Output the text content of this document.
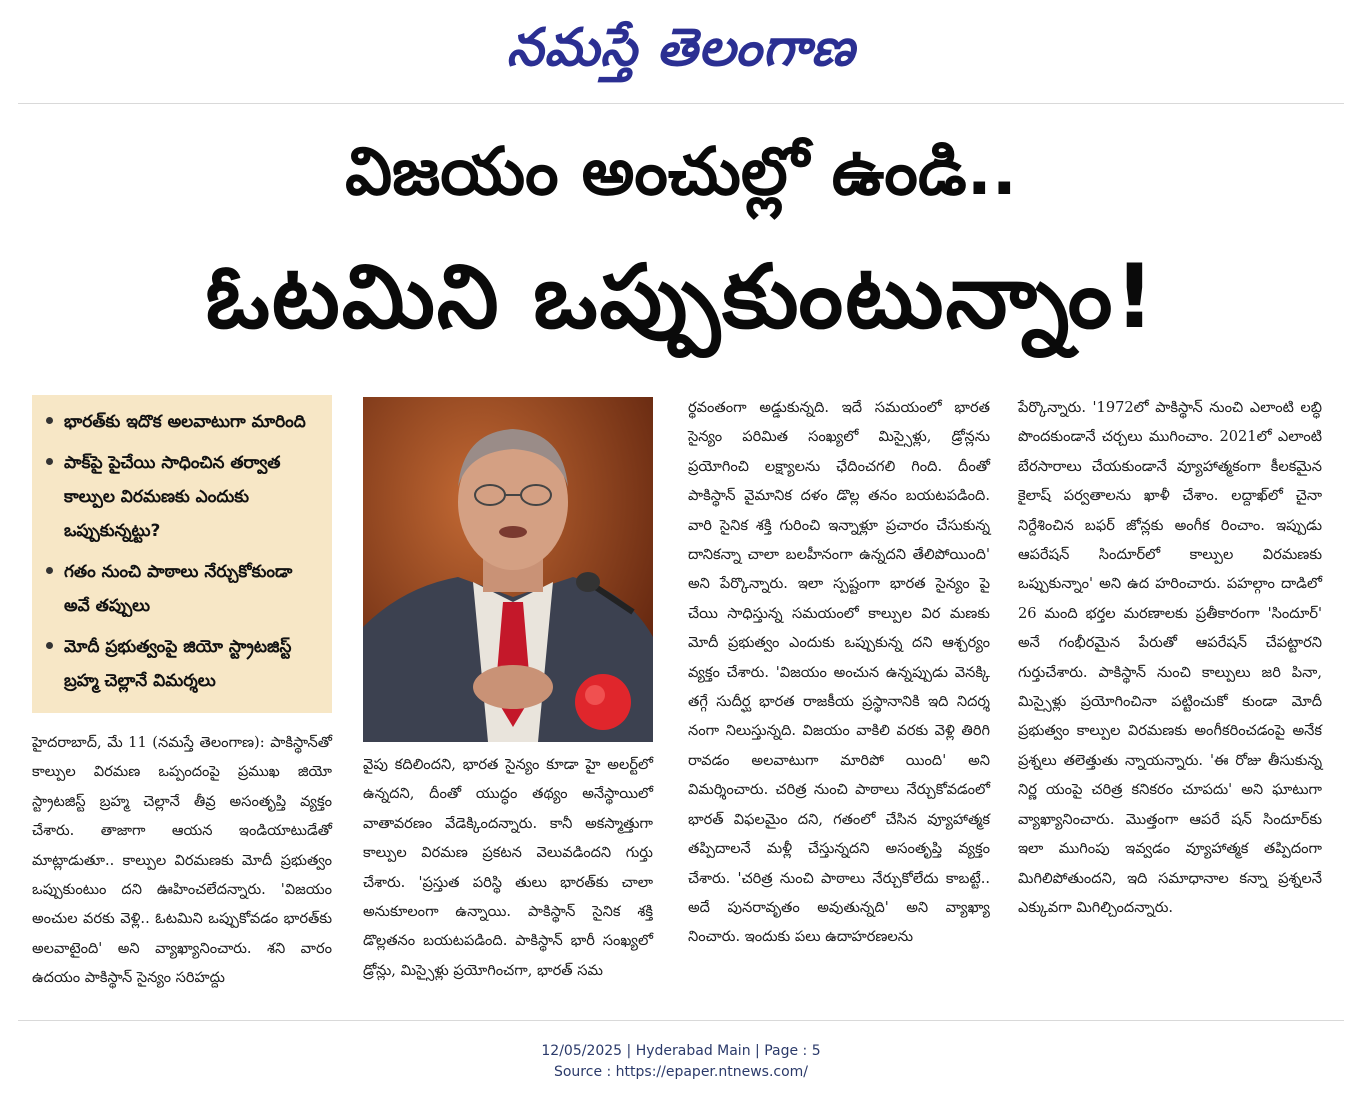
నమస్తే తెలంగాణ
విజయం అంచుల్లో ఉండి..
ఓటమిని ఒప్పుకుంటున్నాం!
భారత్‌కు ఇదొక అలవాటుగా మారింది
పాక్‌పై పైచేయి సాధించిన తర్వాత కాల్పుల విరమణకు ఎందుకు ఒప్పుకున్నట్టు?
గతం నుంచి పాఠాలు నేర్చుకోకుండా అవే తప్పులు
మోదీ ప్రభుత్వంపై జియో స్ట్రాటజిస్ట్ బ్రహ్మ చెల్లానే విమర్శలు

హైదరాబాద్, మే 11 (నమస్తే తెలంగాణ): పాకిస్థాన్‌తో కాల్పుల విరమణ ఒప్పందంపై ప్రముఖ జియో స్ట్రాటజిస్ట్ బ్రహ్మ చెల్లానే తీవ్ర అసంతృప్తి వ్యక్తం చేశారు. తాజాగా ఆయన ఇండియాటుడేతో మాట్లాడుతూ.. కాల్పుల విరమణకు మోదీ ప్రభుత్వం ఒప్పుకుంటుం దని ఊహించలేదన్నారు. 'విజయం అంచుల వరకు వెళ్లి.. ఓటమిని ఒప్పుకోవడం భారత్‌కు అలవాటైంది' అని వ్యాఖ్యానించారు. శని వారం ఉదయం పాకిస్థాన్ సైన్యం సరిహద్దు

వైపు కదిలిందని, భారత సైన్యం కూడా హై అలర్ట్‌లో ఉన్నదని, దీంతో యుద్ధం తథ్యం అనేస్థాయిలో వాతావరణం వేడెక్కిందన్నారు. కానీ అకస్మాత్తుగా కాల్పుల విరమణ ప్రకటన వెలువడిందని గుర్తు చేశారు. 'ప్రస్తుత పరిస్థి తులు భారత్‌కు చాలా అనుకూలంగా ఉన్నాయి. పాకిస్థాన్ సైనిక శక్తి డొల్లతనం బయటపడింది. పాకిస్థాన్ భారీ సంఖ్యలో డ్రోన్లు, మిస్సైళ్లు ప్రయోగించగా, భారత్ సమ

ర్థవంతంగా అడ్డుకున్నది. ఇదే సమయంలో భారత సైన్యం పరిమిత సంఖ్యలో మిస్సైళ్లు, డ్రోన్లను ప్రయోగించి లక్ష్యాలను ఛేదించగలి గింది. దీంతో పాకిస్థాన్ వైమానిక దళం డొల్ల తనం బయటపడింది. వారి సైనిక శక్తి గురించి ఇన్నాళ్లూ ప్రచారం చేసుకున్న దానికన్నా చాలా బలహీనంగా ఉన్నదని తేలిపోయింది' అని పేర్కొన్నారు. ఇలా స్పష్టంగా భారత సైన్యం పై చేయి సాధిస్తున్న సమయంలో కాల్పుల విర మణకు మోదీ ప్రభుత్వం ఎందుకు ఒప్పుకున్న దని ఆశ్చర్యం వ్యక్తం చేశారు. 'విజయం అంచున ఉన్నప్పుడు వెనక్కి తగ్గే సుదీర్ఘ భారత రాజకీయ ప్రస్థానానికి ఇది నిదర్శ నంగా నిలుస్తున్నది. విజయం వాకిలి వరకు వెళ్లి తిరిగి రావడం అలవాటుగా మారిపో యింది' అని విమర్శించారు. చరిత్ర నుంచి పాఠాలు నేర్చుకోవడంలో భారత్ విఫలమైం దని, గతంలో చేసిన వ్యూహాత్మక తప్పిదాలనే మళ్లీ చేస్తున్నదని అసంతృప్తి వ్యక్తం చేశారు. 'చరిత్ర నుంచి పాఠాలు నేర్చుకోలేదు కాబట్టే.. అదే పునరావృతం అవుతున్నది' అని వ్యాఖ్యా నించారు. ఇందుకు పలు ఉదాహరణలను

పేర్కొన్నారు. '1972లో పాకిస్థాన్ నుంచి ఎలాంటి లబ్ధి పొందకుండానే చర్చలు ముగించాం. 2021లో ఎలాంటి బేరసారాలు చేయకుండానే వ్యూహాత్మకంగా కీలకమైన కైలాష్ పర్వతాలను ఖాళీ చేశాం. లద్దాఖ్‌లో చైనా నిర్దేశించిన బఫర్ జోన్లకు అంగీక రించాం. ఇప్పుడు ఆపరేషన్ సిందూర్‌లో కాల్పుల విరమణకు ఒప్పుకున్నాం' అని ఉద హరించారు. పహల్గాం దాడిలో 26 మంది భర్తల మరణాలకు ప్రతీకారంగా 'సిందూర్' అనే గంభీరమైన పేరుతో ఆపరేషన్ చేపట్టారని గుర్తుచేశారు. పాకిస్థాన్ నుంచి కాల్పులు జరి పినా, మిస్సైళ్లు ప్రయోగించినా పట్టించుకో కుండా మోదీ ప్రభుత్వం కాల్పుల విరమణకు అంగీకరించడంపై అనేక ప్రశ్నలు తలెత్తుతు న్నాయన్నారు. 'ఈ రోజు తీసుకున్న నిర్ణ యంపై చరిత్ర కనికరం చూపదు' అని ఘాటుగా వ్యాఖ్యానించారు. మొత్తంగా ఆపరే షన్ సిందూర్‌కు ఇలా ముగింపు ఇవ్వడం వ్యూహాత్మక తప్పిదంగా మిగిలిపోతుందని, ఇది సమాధానాల కన్నా ప్రశ్నలనే ఎక్కువగా మిగిల్చిందన్నారు.

12/05/2025 | Hyderabad Main | Page : 5
Source : https://epaper.ntnews.com/
